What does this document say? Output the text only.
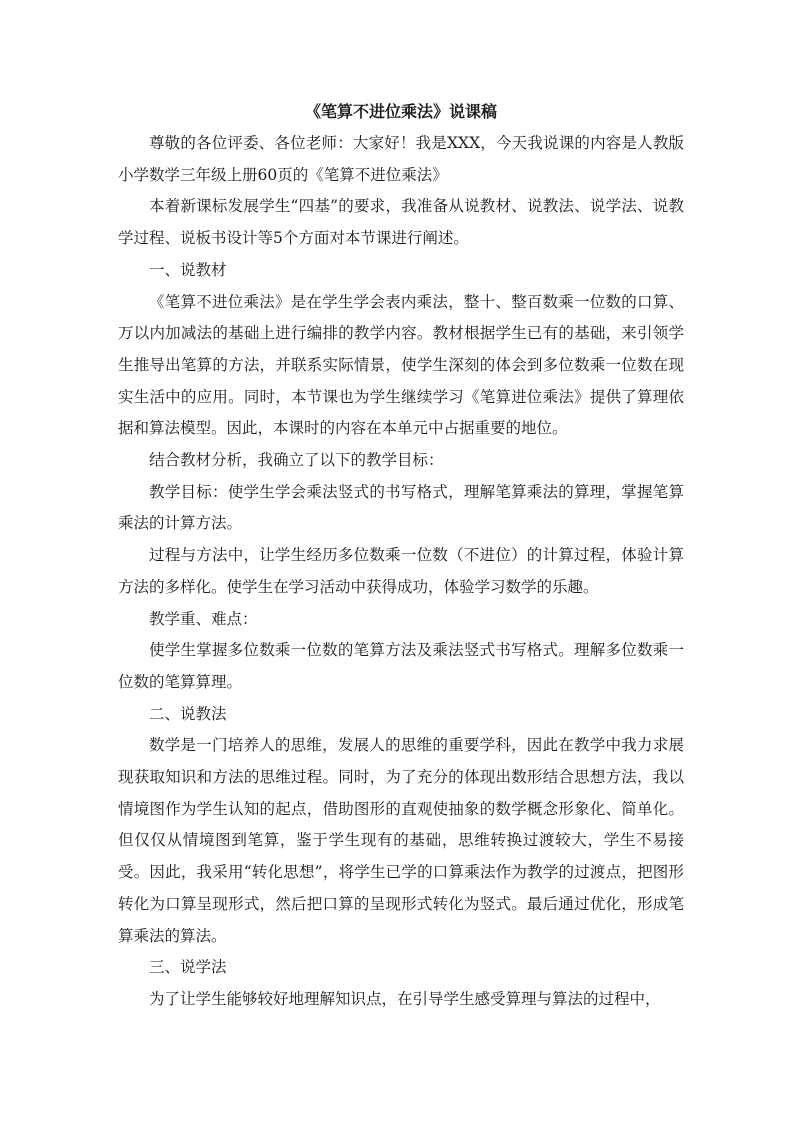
《笔算不进位乘法》说课稿

尊敬的各位评委、各位老师：大家好！我是XXX，今天我说课的内容是人教版小学数学三年级上册60页的《笔算不进位乘法》

本着新课标发展学生“四基”的要求，我准备从说教材、说教法、说学法、说教学过程、说板书设计等5个方面对本节课进行阐述。

一、说教材

《笔算不进位乘法》是在学生学会表内乘法，整十、整百数乘一位数的口算、万以内加减法的基础上进行编排的教学内容。教材根据学生已有的基础，来引领学生推导出笔算的方法，并联系实际情景，使学生深刻的体会到多位数乘一位数在现实生活中的应用。同时，本节课也为学生继续学习《笔算进位乘法》提供了算理依据和算法模型。因此，本课时的内容在本单元中占据重要的地位。

结合教材分析，我确立了以下的教学目标：

教学目标：使学生学会乘法竖式的书写格式，理解笔算乘法的算理，掌握笔算乘法的计算方法。

过程与方法中，让学生经历多位数乘一位数（不进位）的计算过程，体验计算方法的多样化。使学生在学习活动中获得成功，体验学习数学的乐趣。

教学重、难点：

使学生掌握多位数乘一位数的笔算方法及乘法竖式书写格式。理解多位数乘一位数的笔算算理。

二、说教法

数学是一门培养人的思维，发展人的思维的重要学科，因此在教学中我力求展现获取知识和方法的思维过程。同时，为了充分的体现出数形结合思想方法，我以情境图作为学生认知的起点，借助图形的直观使抽象的数学概念形象化、简单化。但仅仅从情境图到笔算，鉴于学生现有的基础，思维转换过渡较大，学生不易接受。因此，我采用“转化思想”，将学生已学的口算乘法作为教学的过渡点，把图形转化为口算呈现形式，然后把口算的呈现形式转化为竖式。最后通过优化，形成笔算乘法的算法。

三、说学法

为了让学生能够较好地理解知识点，在引导学生感受算理与算法的过程中，
